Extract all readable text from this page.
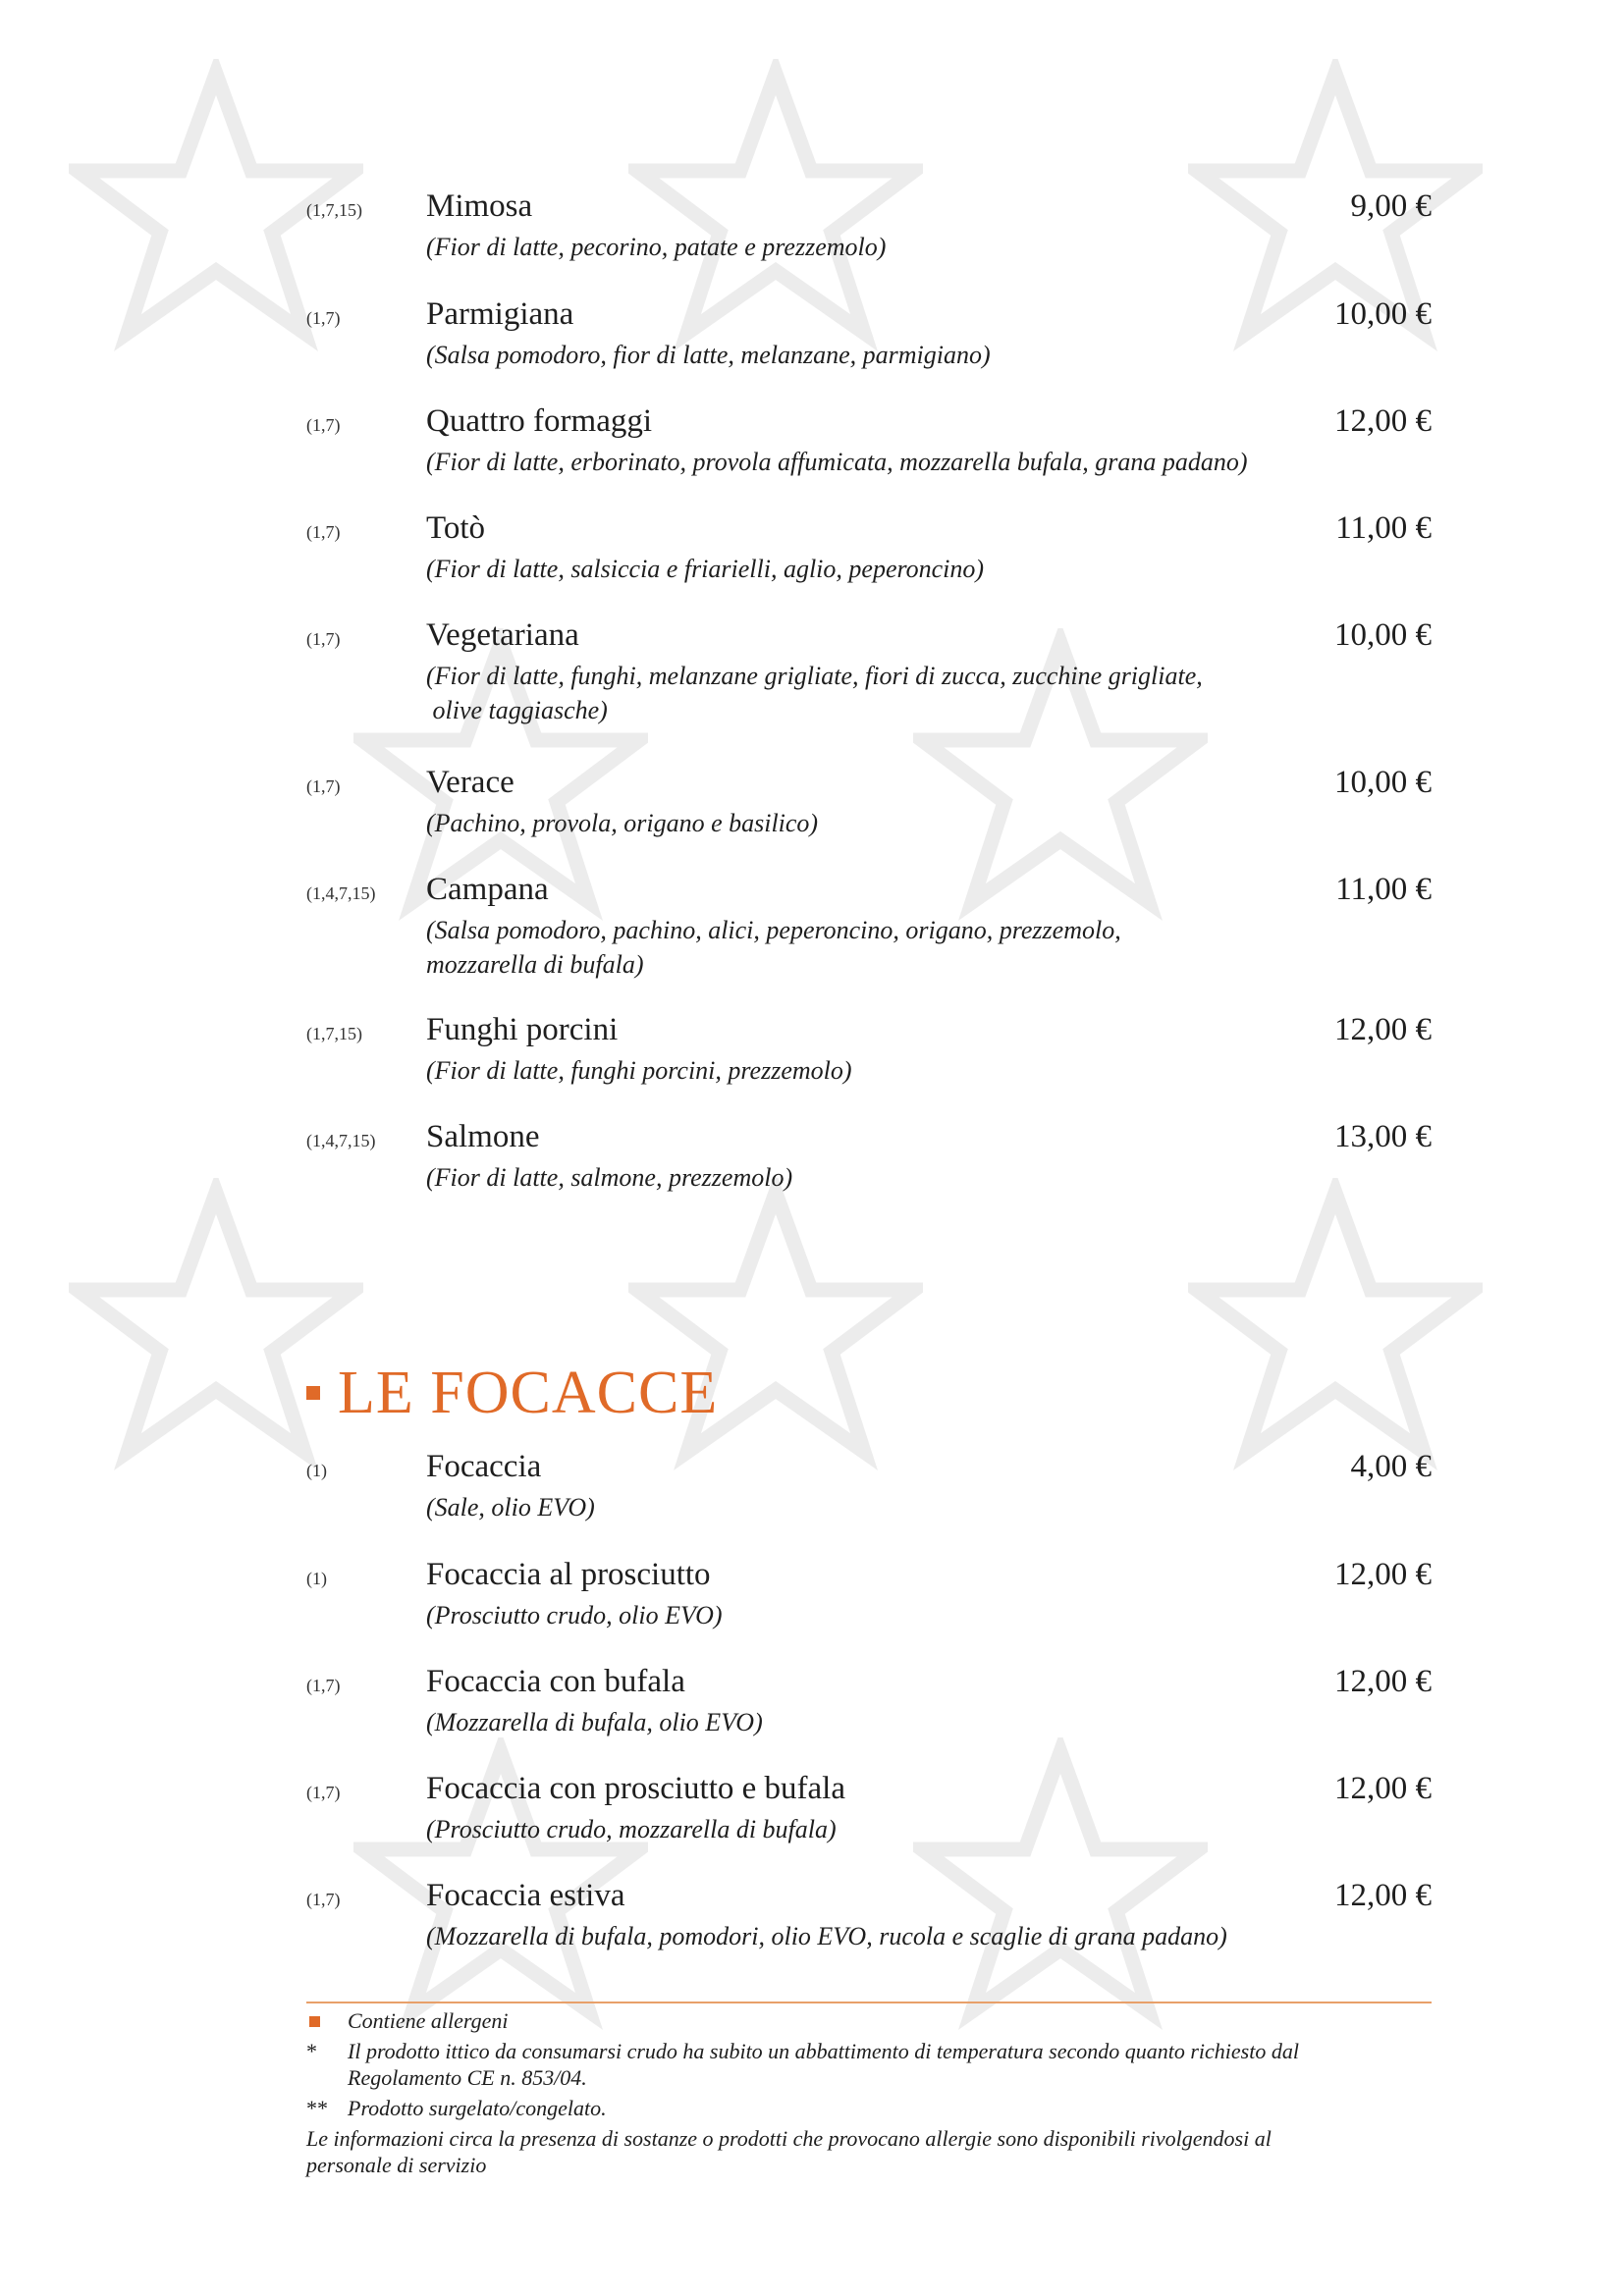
(1,7,15) Mimosa	9,00 €
(Fior di latte, pecorino, patate e prezzemolo)
(1,7)	Parmigiana	10,00 €
(Salsa pomodoro, fior di latte, melanzane, parmigiano)
(1,7)	Quattro formaggi	12,00 €
(Fior di latte, erborinato, provola affumicata, mozzarella bufala, grana padano)
(1,7)	Totò	11,00 €
(Fior di latte, salsiccia e friarielli, aglio, peperoncino)
(1,7)	Vegetariana	10,00 €
(Fior di latte, funghi, melanzane grigliate, fiori di zucca, zucchine grigliate,
olive taggiasche)
(1,7)	Verace	10,00 €
(Pachino, provola, origano e basilico)
(1,4,7,15) Campana	11,00 €
(Salsa pomodoro, pachino, alici, peperoncino, origano, prezzemolo,
mozzarella di bufala)
(1,7,15) Funghi porcini	12,00 €
(Fior di latte, funghi porcini, prezzemolo)
(1,4,7,15) Salmone	13,00 €
(Fior di latte, salmone, prezzemolo)
LE FOCACCE
(1)	Focaccia	4,00 €
(Sale, olio EVO)
(1)	Focaccia al prosciutto	12,00 €
(Prosciutto crudo, olio EVO)
(1,7)	Focaccia con bufala	12,00 €
(Mozzarella di bufala, olio EVO)
(1,7)	Focaccia con prosciutto e bufala	12,00 €
(Prosciutto crudo, mozzarella di bufala)
(1,7)	Focaccia estiva	12,00 €
(Mozzarella di bufala, pomodori, olio EVO, rucola e scaglie di grana padano)
Contiene allergeni
* Il prodotto ittico da consumarsi crudo ha subito un abbattimento di temperatura secondo quanto richiesto dal
Regolamento CE n. 853/04.
** Prodotto surgelato/congelato.
Le informazioni circa la presenza di sostanze o prodotti che provocano allergie sono disponibili rivolgendosi al
personale di servizio
